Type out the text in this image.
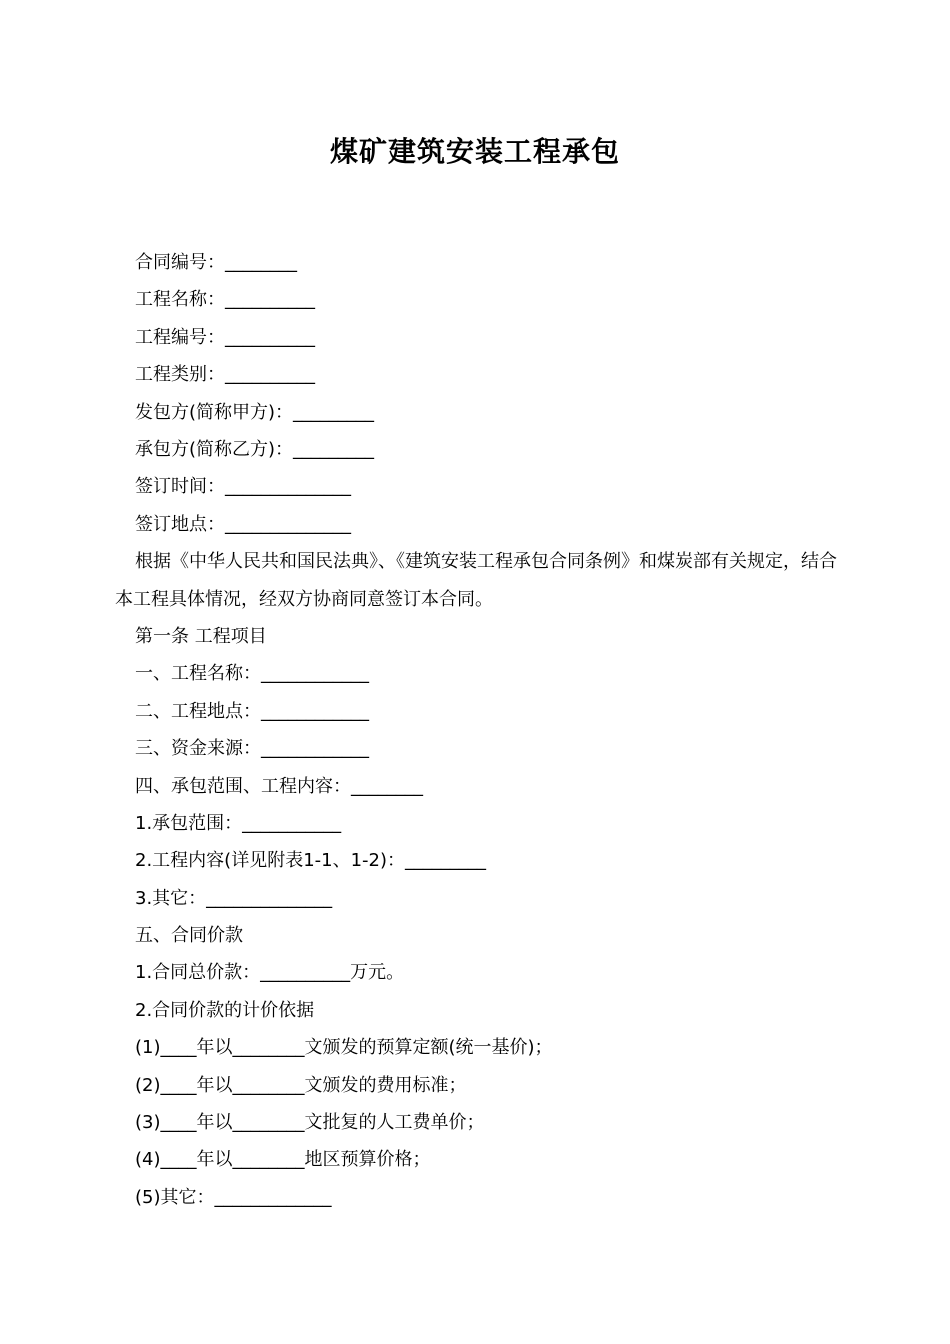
煤矿建筑安装工程承包
合同编号：________
工程名称：__________
工程编号：__________
工程类别：__________
发包方(简称甲方)：_________
承包方(简称乙方)：_________
签订时间：______________
签订地点：______________
根据《中华人民共和国民法典》、《建筑安装工程承包合同条例》和煤炭部有关规定，结合本工程具体情况，经双方协商同意签订本合同。
第一条 工程项目
一、工程名称：____________
二、工程地点：____________
三、资金来源：____________
四、承包范围、工程内容：________
1.承包范围：___________
2.工程内容(详见附表1-1、1-2)：_________
3.其它：______________
五、合同价款
1.合同总价款：__________万元。
2.合同价款的计价依据
(1)____年以________文颁发的预算定额(统一基价)；
(2)____年以________文颁发的费用标准；
(3)____年以________文批复的人工费单价；
(4)____年以________地区预算价格；
(5)其它：_____________
